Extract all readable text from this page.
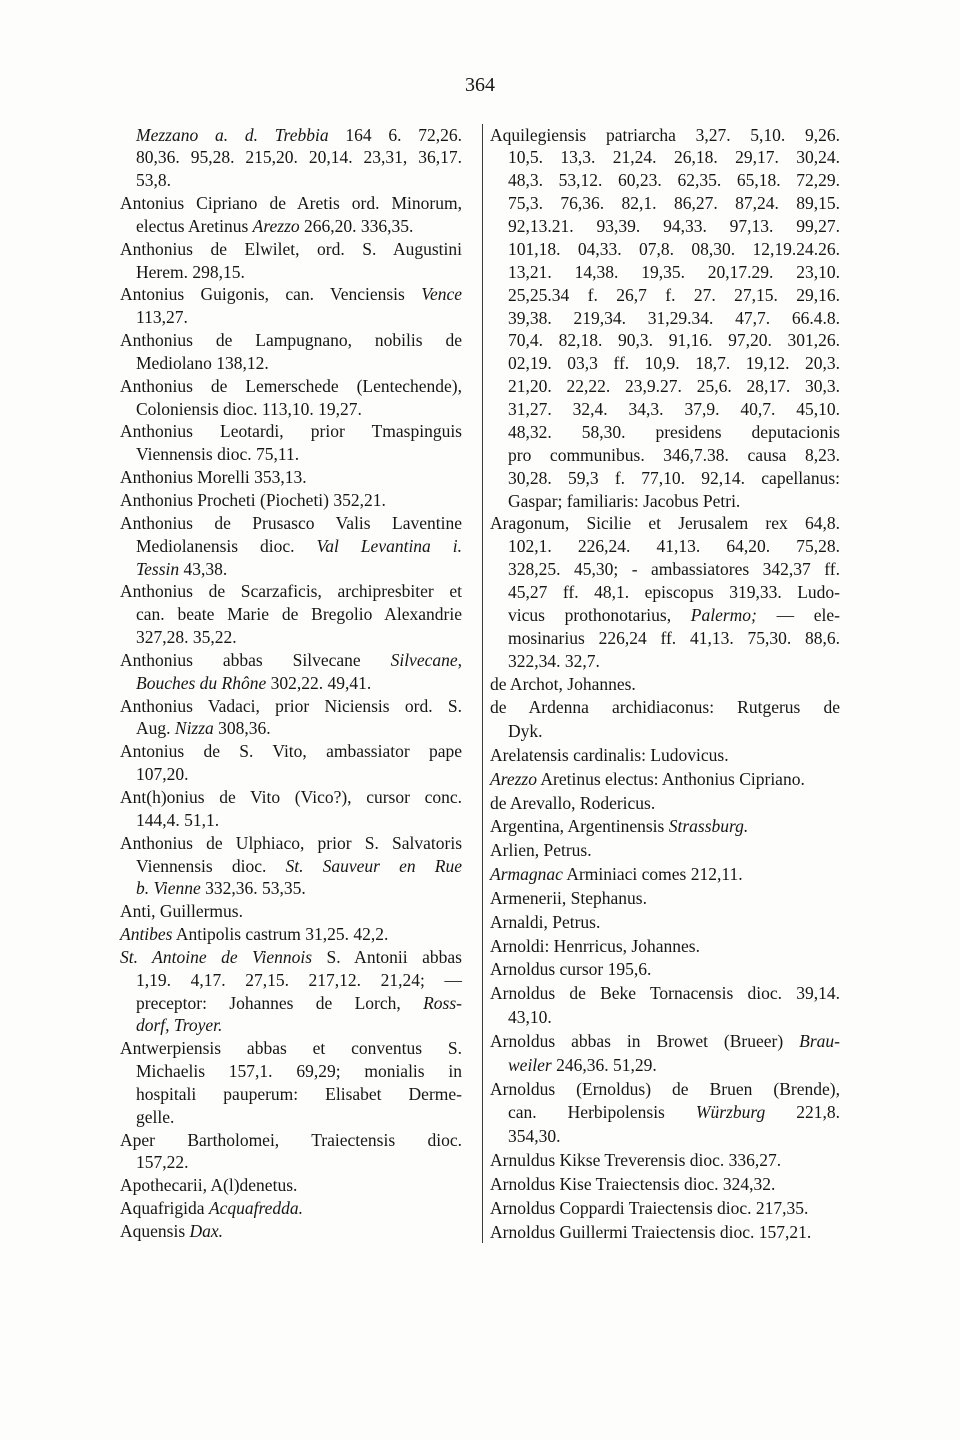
364
Mezzano a. d. Trebbia 164 6. 72,26.
80,36. 95,28. 215,20. 20,14. 23,31, 36,17.
53,8.
Antonius Cipriano de Aretis ord. Minorum,
electus Aretinus Arezzo 266,20. 336,35.
Anthonius de Elwilet, ord. S. Augustini
Herem. 298,15.
Antonius Guigonis, can. Venciensis Vence
113,27.
Anthonius de Lampugnano, nobilis de
Mediolano 138,12.
Anthonius de Lemerschede (Lentechende),
Coloniensis dioc. 113,10. 19,27.
Anthonius Leotardi, prior Tmaspinguis
Viennensis dioc. 75,11.
Anthonius Morelli 353,13.
Anthonius Procheti (Piocheti) 352,21.
Anthonius de Prusasco Valis Laventine
Mediolanensis dioc. Val Levantina i.
Tessin 43,38.
Anthonius de Scarzaficis, archipresbiter et
can. beate Marie de Bregolio Alexandrie
327,28. 35,22.
Anthonius abbas Silvecane Silvecane,
Bouches du Rhône 302,22. 49,41.
Anthonius Vadaci, prior Niciensis ord. S.
Aug. Nizza 308,36.
Antonius de S. Vito, ambassiator pape
107,20.
Ant(h)onius de Vito (Vico?), cursor conc.
144,4. 51,1.
Anthonius de Ulphiaco, prior S. Salvatoris
Viennensis dioc. St. Sauveur en Rue
b. Vienne 332,36. 53,35.
Anti, Guillermus.
Antibes Antipolis castrum 31,25. 42,2.
St. Antoine de Viennois S. Antonii abbas
1,19. 4,17. 27,15. 217,12. 21,24; —
preceptor: Johannes de Lorch, Ross-
dorf, Troyer.
Antwerpiensis abbas et conventus S.
Michaelis 157,1. 69,29; monialis in
hospitali pauperum: Elisabet Derme-
gelle.
Aper Bartholomei, Traiectensis dioc.
157,22.
Apothecarii, A(l)denetus.
Aquafrigida Acquafredda.
Aquensis Dax.
Aquilegiensis patriarcha 3,27. 5,10. 9,26.
10,5. 13,3. 21,24. 26,18. 29,17. 30,24.
48,3. 53,12. 60,23. 62,35. 65,18. 72,29.
75,3. 76,36. 82,1. 86,27. 87,24. 89,15.
92,13.21. 93,39. 94,33. 97,13. 99,27.
101,18. 04,33. 07,8. 08,30. 12,19.24.26.
13,21. 14,38. 19,35. 20,17.29. 23,10.
25,25.34 f. 26,7 f. 27. 27,15. 29,16.
39,38. 219,34. 31,29.34. 47,7. 66.4.8.
70,4. 82,18. 90,3. 91,16. 97,20. 301,26.
02,19. 03,3 ff. 10,9. 18,7. 19,12. 20,3.
21,20. 22,22. 23,9.27. 25,6. 28,17. 30,3.
31,27. 32,4. 34,3. 37,9. 40,7. 45,10.
48,32. 58,30. presidens deputacionis
pro communibus. 346,7.38. causa 8,23.
30,28. 59,3 f. 77,10. 92,14. capellanus:
Gaspar; familiaris: Jacobus Petri.
Aragonum, Sicilie et Jerusalem rex 64,8.
102,1. 226,24. 41,13. 64,20. 75,28.
328,25. 45,30; - ambassiatores 342,37 ff.
45,27 ff. 48,1. episcopus 319,33. Ludo-
vicus prothonotarius, Palermo; — ele-
mosinarius 226,24 ff. 41,13. 75,30. 88,6.
322,34. 32,7.
de Archot, Johannes.
de Ardenna archidiaconus: Rutgerus de
Dyk.
Arelatensis cardinalis: Ludovicus.
Arezzo Aretinus electus: Anthonius Cipriano.
de Arevallo, Rodericus.
Argentina, Argentinensis Strassburg.
Arlien, Petrus.
Armagnac Arminiaci comes 212,11.
Armenerii, Stephanus.
Arnaldi, Petrus.
Arnoldi: Henrricus, Johannes.
Arnoldus cursor 195,6.
Arnoldus de Beke Tornacensis dioc. 39,14.
43,10.
Arnoldus abbas in Browet (Brueer) Brau-
weiler 246,36. 51,29.
Arnoldus (Ernoldus) de Bruen (Brende),
can. Herbipolensis Würzburg 221,8.
354,30.
Arnuldus Kikse Treverensis dioc. 336,27.
Arnoldus Kise Traiectensis dioc. 324,32.
Arnoldus Coppardi Traiectensis dioc. 217,35.
Arnoldus Guillermi Traiectensis dioc. 157,21.
